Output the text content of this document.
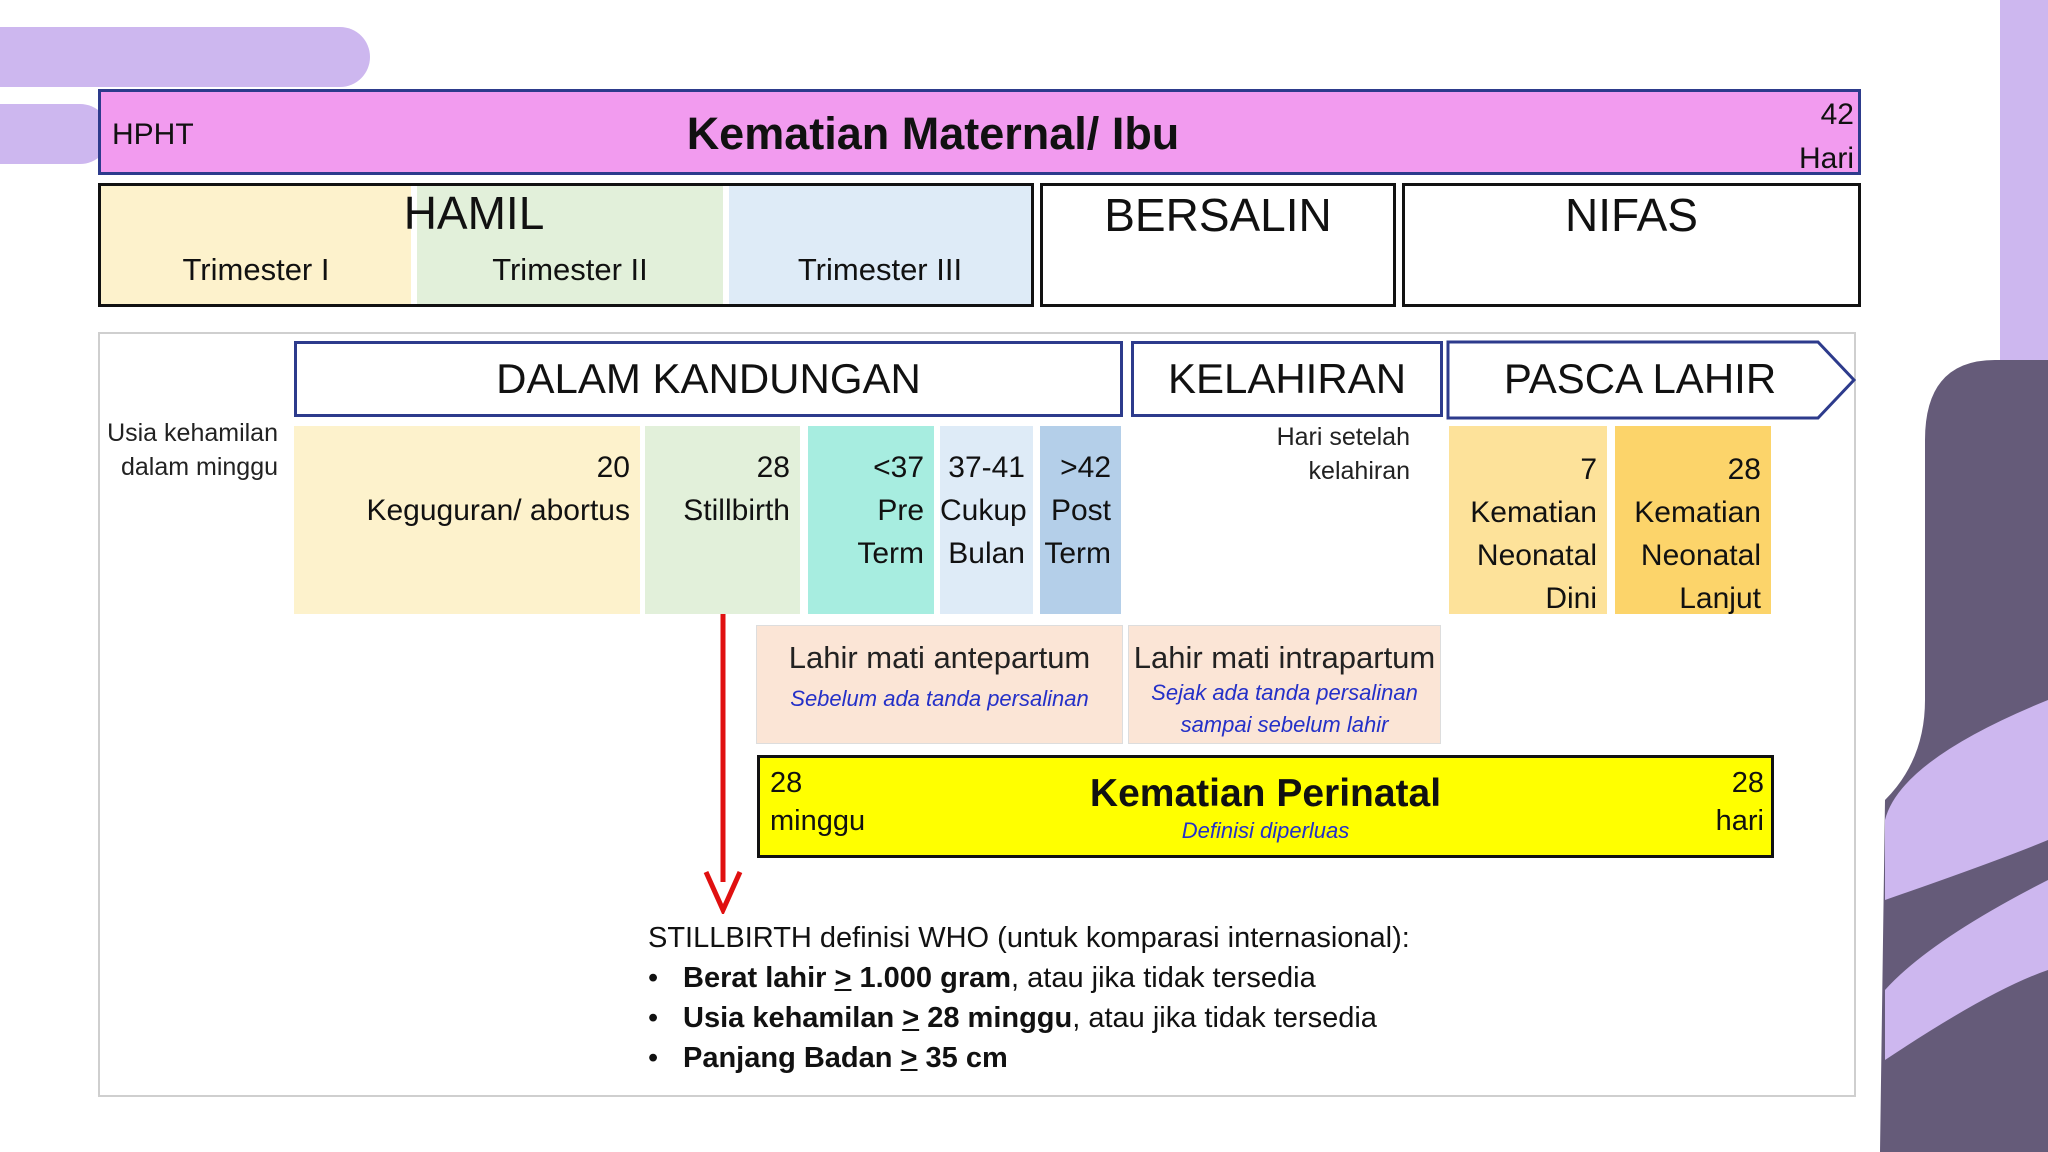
HPHT	Kematian Maternal/ Ibu	42
Hari
Trimester I	Trimester II	Trimester III
HAMIL	BERSALIN	NIFAS
DALAM KANDUNGAN	KELAHIRAN	PASCA LAHIR
Usia kehamilan
dalam minggu
Hari setelah
kelahiran
20
Keguguran/ abortus
28
Stillbirth
<37
Pre
Term
37-41
Cukup
Bulan
>42
Post
Term
7
Kematian
Neonatal
Dini
28
Kematian
Neonatal
Lanjut
Lahir mati antepartum
Sebelum ada tanda persalinan
Lahir mati intrapartum
Sejak ada tanda persalinan
sampai sebelum lahir
28
minggu
28
hari
Kematian Perinatal
Definisi diperluas
STILLBIRTH definisi WHO (untuk komparasi internasional):
• Berat lahir > 1.000 gram, atau jika tidak tersedia
• Usia kehamilan > 28 minggu, atau jika tidak tersedia
• Panjang Badan > 35 cm
